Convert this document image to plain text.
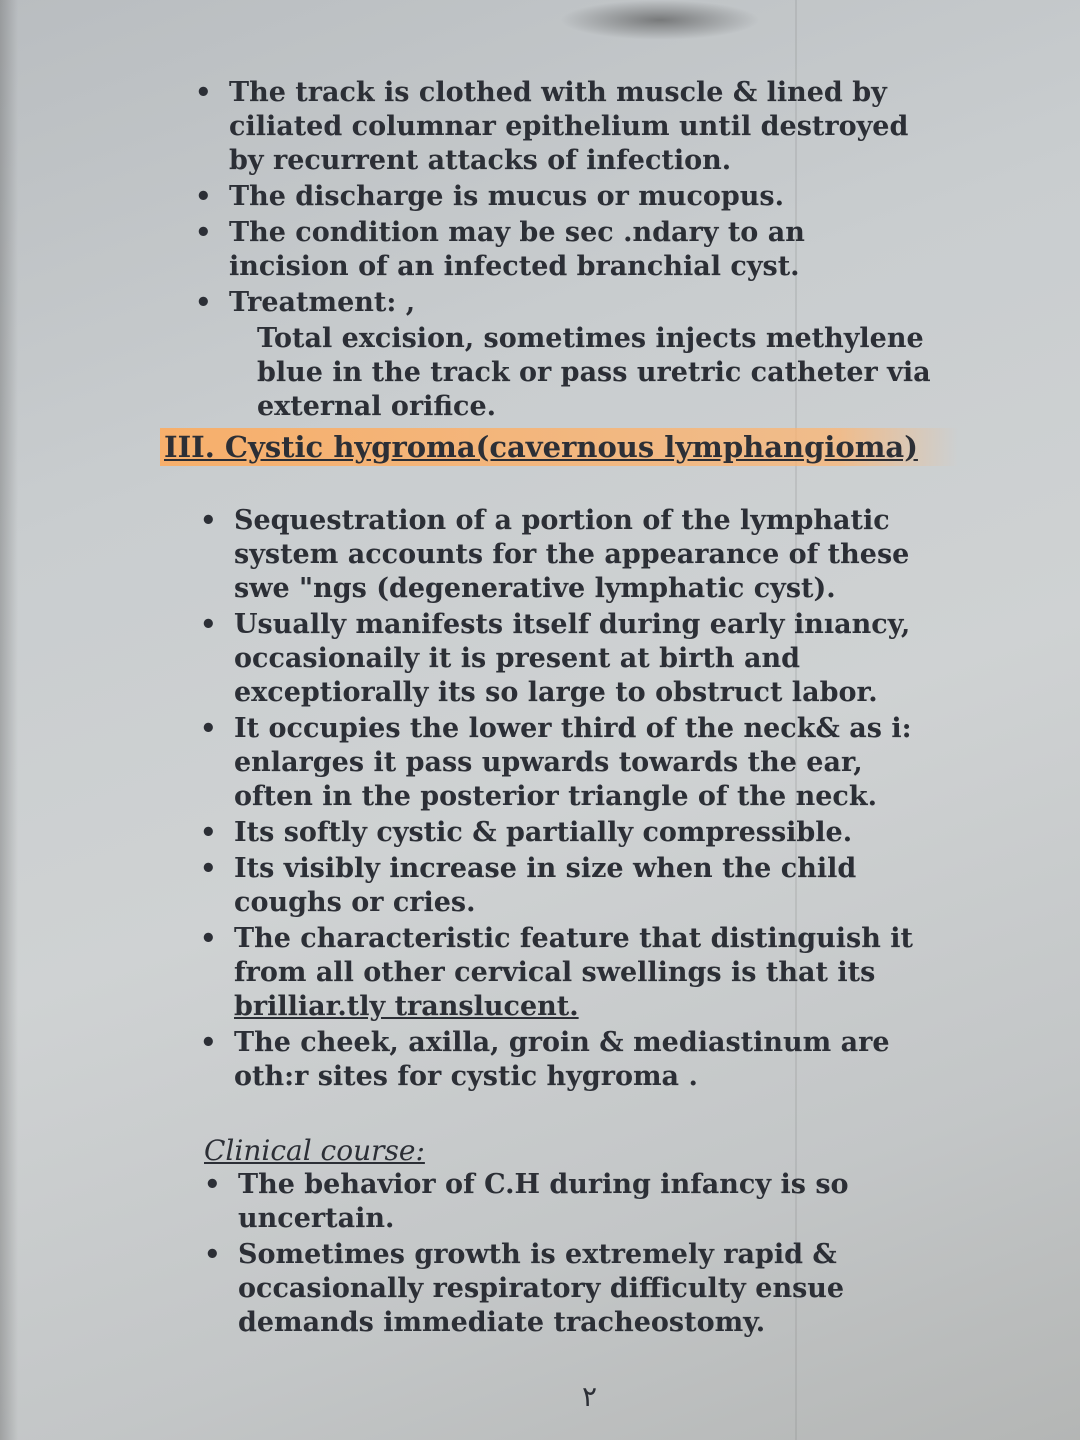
• The track is clothed with muscle & lined by ciliated columnar epithelium until destroyed by recurrent attacks of infection.
• The discharge is mucus or mucopus.
• The condition may be sec .ndary to an incision of an infected branchial cyst.
• Treatment: ,
Total excision, sometimes injects methylene blue in the track or pass uretric catheter via external orifice.
III. Cystic hygroma(cavernous lymphangioma)
• Sequestration of a portion of the lymphatic system accounts for the appearance of these swe "ngs (degenerative lymphatic cyst).
• Usually manifests itself during early inıancy, occasionaily it is present at birth and exceptiorally its so large to obstruct labor.
• It occupies the lower third of the neck& as i: enlarges it pass upwards towards the ear, often in the posterior triangle of the neck.
• Its softly cystic & partially compressible.
• Its visibly increase in size when the child coughs or cries.
• The characteristic feature that distinguish it from all other cervical swellings is that its brilliar.tly translucent.
• The cheek, axilla, groin & mediastinum are oth:r sites for cystic hygroma .
Clinical course:
• The behavior of C.H during infancy is so uncertain.
• Sometimes growth is extremely rapid & occasionally respiratory difficulty ensue demands immediate tracheostomy.
٢
